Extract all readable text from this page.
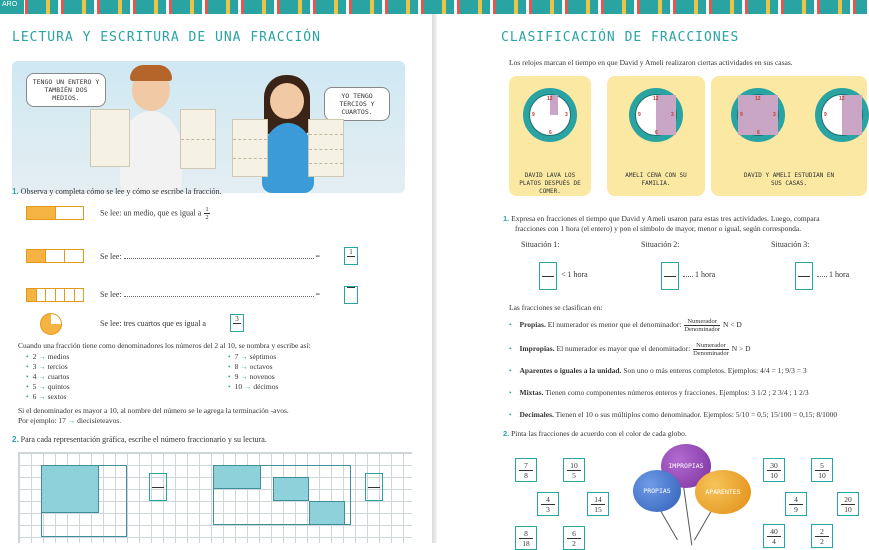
ARO
LECTURA Y ESCRITURA DE UNA FRACCIÓN
TENGO UN ENTERO Y TAMBIÉN DOS MEDIOS.	YO TENGO TERCIOS Y CUARTOS.
1. Observa y completa cómo se lee y cómo se escribe la fracción.
Se lee: un medio, que es igual a $\frac{1}{2}$
Se lee:	=	1
Se lee:	=
Se lee: tres cuartos que es igual a	3
Cuando una fracción tiene como denominadores los números del 2 al 10, se nombra y escribe así:
• 2 → medios
• 3 → tercios
• 4 → cuartos
• 5 → quintos
• 6 → sextos
• 7 → séptimos
• 8 → octavos
• 9 → novenos
• 10 → décimos
Si el denominador es mayor a 10, al nombre del número se le agrega la terminación -avos.
Por ejemplo: 17 → diecisieteavos.
2. Para cada representación gráfica, escribe el número fraccionario y su lectura.
CLASIFICACIÓN DE FRACCIONES
Los relojes marcan el tiempo en que David y Ameli realizaron ciertas actividades en sus casas.
12
3
6
9
DAVID LAVA LOS PLATOS DESPUÉS DE COMER.
12
3
6
9
AMELI CENA CON SU FAMILIA.
12
3
6
9
12
9
DAVID Y AMELI ESTUDIAN EN SUS CASAS.
1. Expresa en fracciones el tiempo que David y Ameli usaron para estas tres actividades. Luego, compara
fracciones con 1 hora (el entero) y pon el símbolo de mayor, menor o igual, según corresponda.
Situación 1:	Situación 2:	Situación 3:
< 1 hora	1 hora	1 hora
Las fracciones se clasifican en:
• Propias. El numerador es menor que el denominador: $\frac{\text{Numerador}}{\text{Denominador}}$ N < D
• Impropias. El numerador es mayor que el denominador: $\frac{\text{Numerador}}{\text{Denominador}}$ N > D
• Aparentes o iguales a la unidad. Son uno o más enteros completos. Ejemplos: 4/4 = 1; 9/3 = 3
• Mixtas. Tienen como componentes números enteros y fracciones. Ejemplos: 3 1/2 ; 2 3/4 ; 1 2/3
• Decimales. Tienen el 10 o sus múltiplos como denominador. Ejemplos: 5/10 = 0,5; 15/100 = 0,15; 8/1000
2. Pinta las fracciones de acuerdo con el color de cada globo.
7
8
10
5
4
3
14
15
8
18
6
2
30
10
5
10
4
9
20
10
40
4
2
2
IMPROPIAS
PROPIAS	APARENTES
